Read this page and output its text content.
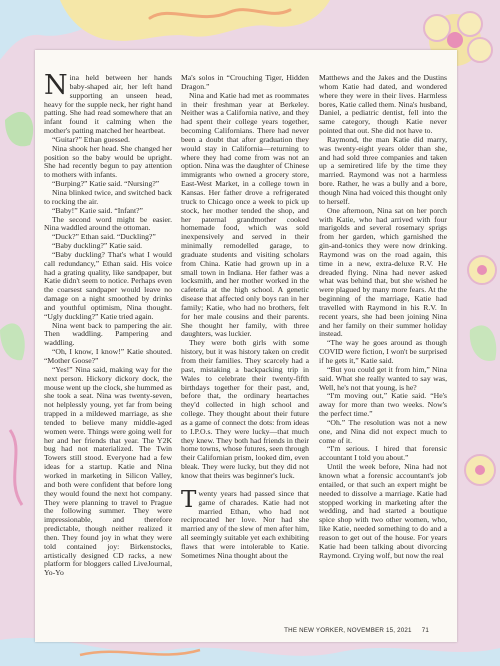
Nina held between her hands baby-shaped air, her left hand supporting an unseen head, heavy for the supple neck, her right hand patting. She had read somewhere that an infant found it calming when the mother's patting matched her heartbeat.

“Guitar?” Ethan guessed.

Nina shook her head. She changed her position so the baby would be upright. She had recently begun to pay attention to mothers with infants.

“Burping?” Katie said. “Nursing?”

Nina blinked twice, and switched back to rocking the air.

“Baby!” Katie said. “Infant?”

The second word might be easier. Nina waddled around the ottoman.

“Duck?” Ethan said. “Duckling?”

“Baby duckling?” Katie said.

“Baby duckling? That's what I would call redundancy,” Ethan said. His voice had a grating quality, like sandpaper, but Katie didn't seem to notice. Perhaps even the coarsest sandpaper would leave no damage on a night smoothed by drinks and youthful optimism, Nina thought. “Ugly duckling?” Katie tried again.

Nina went back to pampering the air. Then waddling. Pampering and waddling.

“Oh, I know, I know!” Katie shouted. “Mother Goose?”

“Yes!” Nina said, making way for the next person. Hickory dickory dock, the mouse went up the clock, she hummed as she took a seat. Nina was twenty-seven, not helplessly young, yet far from being trapped in a mildewed marriage, as she tended to believe many middle-aged women were. Things were going well for her and her friends that year. The Y2K bug had not materialized. The Twin Towers still stood. Everyone had a few ideas for a startup. Katie and Nina worked in marketing in Silicon Valley, and both were confident that before long they would found the next hot company. They were planning to travel to Prague the following summer. They were impressionable, and therefore predictable, though neither realized it then. They found joy in what they were told contained joy: Birkenstocks, artistically designed CD racks, a new platform for bloggers called LiveJournal, Yo-Yo

Ma's solos in “Crouching Tiger, Hidden Dragon.”

Nina and Katie had met as roommates in their freshman year at Berkeley. Neither was a California native, and they had spent their college years together, becoming Californians. There had never been a doubt that after graduation they would stay in California—returning to where they had come from was not an option. Nina was the daughter of Chinese immigrants who owned a grocery store, East-West Market, in a college town in Kansas. Her father drove a refrigerated truck to Chicago once a week to pick up stock, her mother tended the shop, and her paternal grandmother cooked homemade food, which was sold inexpensively and served in their minimally remodelled garage, to graduate students and visiting scholars from China. Katie had grown up in a small town in Indiana. Her father was a locksmith, and her mother worked in the cafeteria at the high school. A genetic disease that affected only boys ran in her family; Katie, who had no brothers, felt for her male cousins and their parents. She thought her family, with three daughters, was luckier.

They were both girls with some history, but it was history taken on credit from their families. They scarcely had a past, mistaking a backpacking trip in Wales to celebrate their twenty-fifth birthdays together for their past, and, before that, the ordinary heartaches they'd collected in high school and college. They thought about their future as a game of connect the dots: from ideas to I.P.O.s. They were lucky—that much they knew. They both had friends in their home towns, whose futures, seen through their Californian prism, looked dim, even bleak. They were lucky, but they did not know that theirs was beginner's luck.

Twenty years had passed since that game of charades. Katie had not married Ethan, who had not reciprocated her love. Nor had she married any of the slew of men after him, all seemingly suitable yet each exhibiting flaws that were intolerable to Katie. Sometimes Nina thought about the

Matthews and the Jakes and the Dustins whom Katie had dated, and wondered where they were in their lives. Harmless bores, Katie called them. Nina's husband, Daniel, a pediatric dentist, fell into the same category, though Katie never pointed that out. She did not have to.

Raymond, the man Katie did marry, was twenty-eight years older than she, and had sold three companies and taken up a semiretired life by the time they married. Raymond was not a harmless bore. Rather, he was a bully and a bore, though Nina had voiced this thought only to herself.

One afternoon, Nina sat on her porch with Katie, who had arrived with four marigolds and several rosemary sprigs from her garden, which garnished the gin-and-tonics they were now drinking. Raymond was on the road again, this time in a new, extra-deluxe R.V. He dreaded flying. Nina had never asked what was behind that, but she wished he were plagued by many more fears. At the beginning of the marriage, Katie had travelled with Raymond in his R.V. In recent years, she had been joining Nina and her family on their summer holiday instead.

“The way he goes around as though COVID were fiction, I won't be surprised if he gets it,” Katie said.

“But you could get it from him,” Nina said. What she really wanted to say was, Well, he's not that young, is he?

“I'm moving out,” Katie said. “He's away for more than two weeks. Now's the perfect time.”

“Oh.” The resolution was not a new one, and Nina did not expect much to come of it.

“I'm serious. I hired that forensic accountant I told you about.”

Until the week before, Nina had not known what a forensic accountant's job entailed, or that such an expert might be needed to dissolve a marriage. Katie had stopped working in marketing after the wedding, and had started a boutique spice shop with two other women, who, like Katie, needed something to do and a reason to get out of the house. For years Katie had been talking about divorcing Raymond. Crying wolf, but now the real

THE NEW YORKER, NOVEMBER 15, 2021 71
